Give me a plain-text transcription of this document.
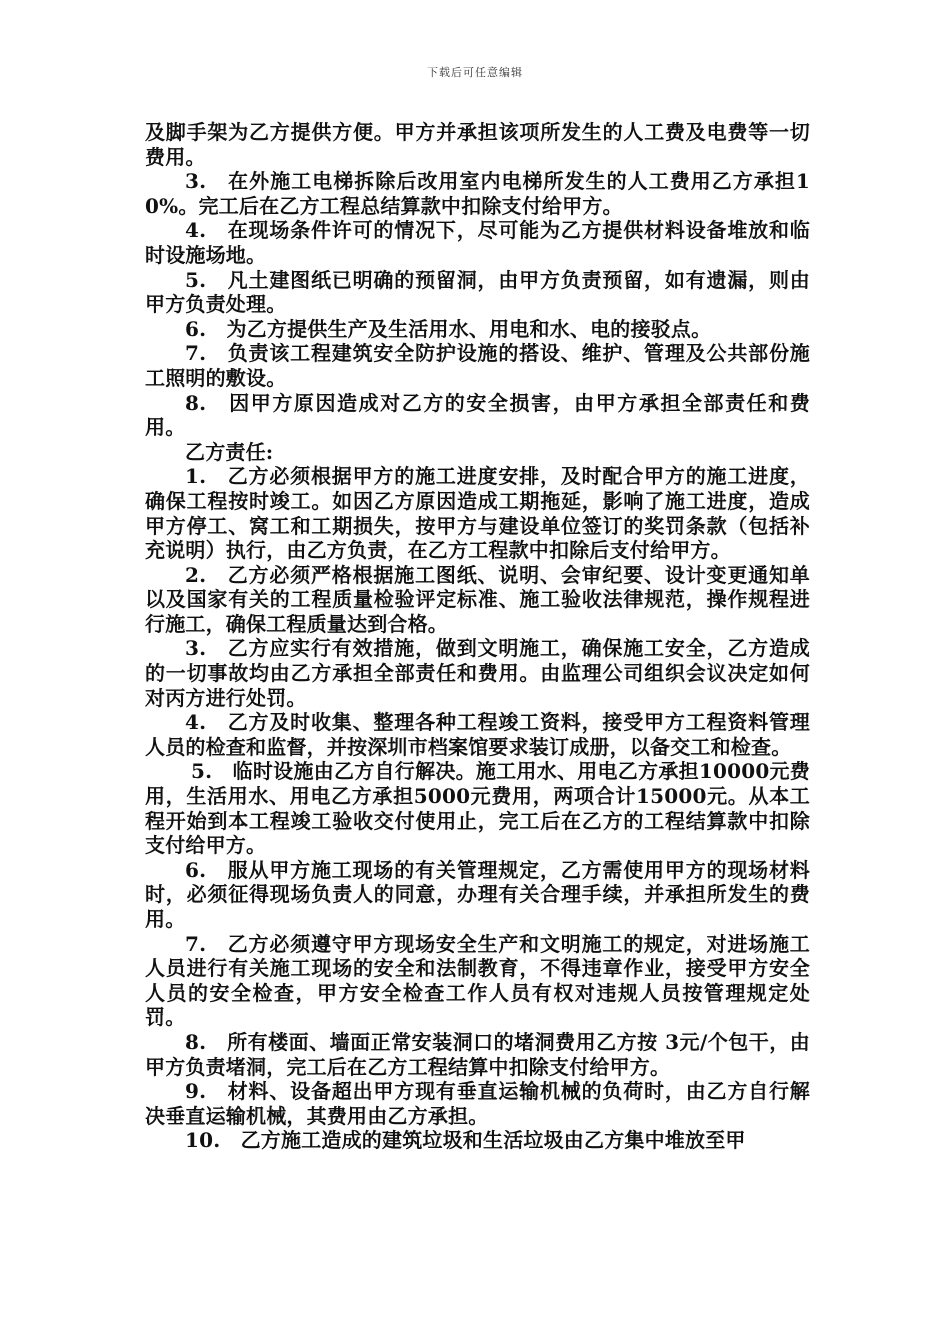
下载后可任意编辑

及脚手架为乙方提供方便。甲方并承担该项所发生的人工费及电费等一切费用。

3.　在外施工电梯拆除后改用室内电梯所发生的人工费用乙方承担10%。完工后在乙方工程总结算款中扣除支付给甲方。

4.　在现场条件许可的情况下，尽可能为乙方提供材料设备堆放和临时设施场地。

5.　凡土建图纸已明确的预留洞，由甲方负责预留，如有遗漏，则由甲方负责处理。

6.　为乙方提供生产及生活用水、用电和水、电的接驳点。

7.　负责该工程建筑安全防护设施的搭设、维护、管理及公共部份施工照明的敷设。

8.　因甲方原因造成对乙方的安全损害，由甲方承担全部责任和费用。

乙方责任:

1.　乙方必须根据甲方的施工进度安排，及时配合甲方的施工进度，确保工程按时竣工。如因乙方原因造成工期拖延，影响了施工进度，造成甲方停工、窝工和工期损失，按甲方与建设单位签订的奖罚条款（包括补充说明）执行，由乙方负责，在乙方工程款中扣除后支付给甲方。

2.　乙方必须严格根据施工图纸、说明、会审纪要、设计变更通知单以及国家有关的工程质量检验评定标准、施工验收法律规范，操作规程进行施工，确保工程质量达到合格。

3.　乙方应实行有效措施，做到文明施工，确保施工安全，乙方造成的一切事故均由乙方承担全部责任和费用。由监理公司组织会议决定如何对丙方进行处罚。

4.　乙方及时收集、整理各种工程竣工资料，接受甲方工程资料管理人员的检查和监督，并按深圳市档案馆要求装订成册，以备交工和检查。

5.　临时设施由乙方自行解决。施工用水、用电乙方承担10000元费用，生活用水、用电乙方承担5000元费用，两项合计15000元。从本工程开始到本工程竣工验收交付使用止，完工后在乙方的工程结算款中扣除支付给甲方。

6.　服从甲方施工现场的有关管理规定，乙方需使用甲方的现场材料时，必须征得现场负责人的同意，办理有关合理手续，并承担所发生的费用。

7.　乙方必须遵守甲方现场安全生产和文明施工的规定，对进场施工人员进行有关施工现场的安全和法制教育，不得违章作业，接受甲方安全人员的安全检查，甲方安全检查工作人员有权对违规人员按管理规定处罚。

8.　所有楼面、墙面正常安装洞口的堵洞费用乙方按 3元/个包干，由甲方负责堵洞，完工后在乙方工程结算中扣除支付给甲方。

9.　材料、设备超出甲方现有垂直运输机械的负荷时，由乙方自行解决垂直运输机械，其费用由乙方承担。

10.　乙方施工造成的建筑垃圾和生活垃圾由乙方集中堆放至甲
